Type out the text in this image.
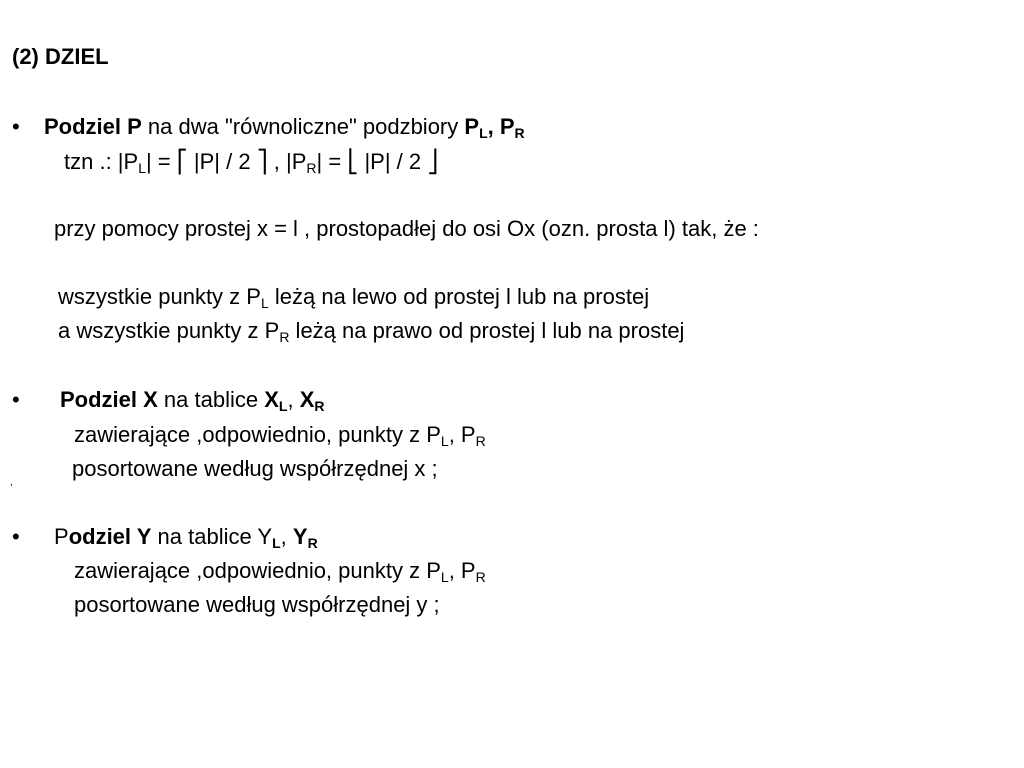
(2) DZIEL
• Podziel P na dwa "równoliczne" podzbiory $P_L$, $P_R$
tzn .: $|P_L|$ = ⎡ |P| / 2 ⎤ , $|P_R|$ = ⎣ |P| / 2 ⎦
przy pomocy prostej x = l , prostopadłej do osi Ox (ozn. prosta l) tak, że :
wszystkie punkty z $P_L$ leżą na lewo od prostej l lub na prostej
a wszystkie punkty z $P_R$ leżą na prawo od prostej l lub na prostej
• Podziel X na tablice $X_L$, $X_R$
zawierające ,odpowiednio, punkty z $P_L$, $P_R$
,
posortowane według współrzędnej x ;
• Podziel Y na tablice $Y_L$, $Y_R$
zawierające ,odpowiednio, punkty z $P_L$, $P_R$
posortowane według współrzędnej y ;
